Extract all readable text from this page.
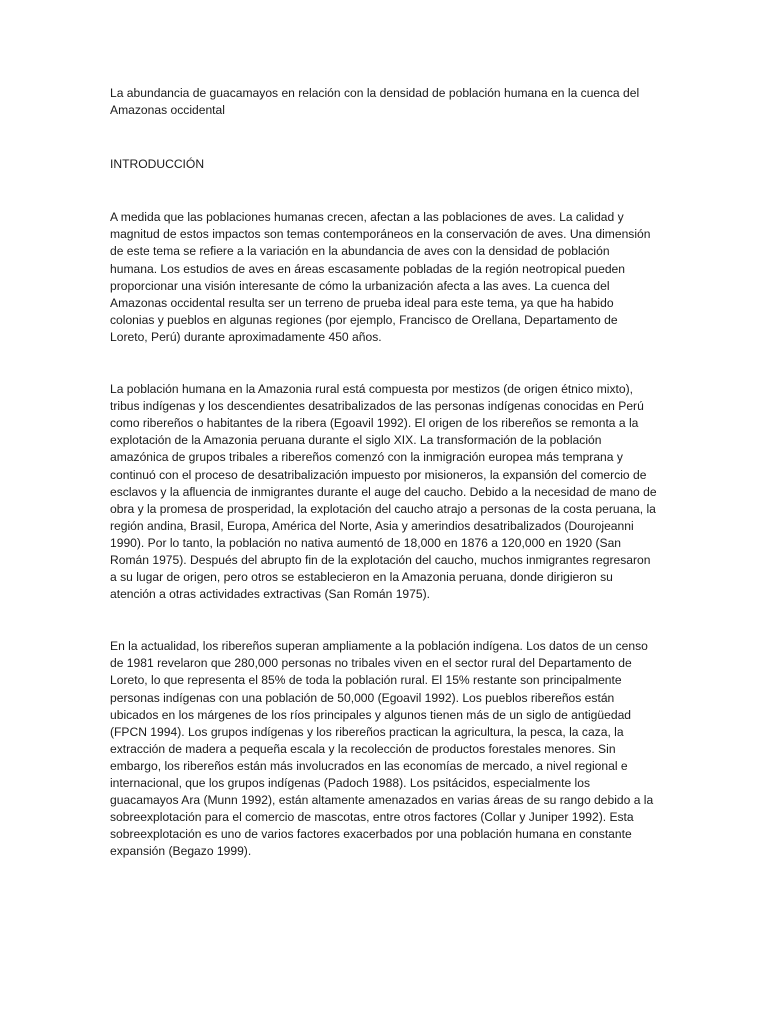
La abundancia de guacamayos en relación con la densidad de población humana en la cuenca del Amazonas occidental

INTRODUCCIÓN

A medida que las poblaciones humanas crecen, afectan a las poblaciones de aves. La calidad y magnitud de estos impactos son temas contemporáneos en la conservación de aves. Una dimensión de este tema se refiere a la variación en la abundancia de aves con la densidad de población humana. Los estudios de aves en áreas escasamente pobladas de la región neotropical pueden proporcionar una visión interesante de cómo la urbanización afecta a las aves. La cuenca del Amazonas occidental resulta ser un terreno de prueba ideal para este tema, ya que ha habido colonias y pueblos en algunas regiones (por ejemplo, Francisco de Orellana, Departamento de Loreto, Perú) durante aproximadamente 450 años.

La población humana en la Amazonia rural está compuesta por mestizos (de origen étnico mixto), tribus indígenas y los descendientes desatribalizados de las personas indígenas conocidas en Perú como ribereños o habitantes de la ribera (Egoavil 1992). El origen de los ribereños se remonta a la explotación de la Amazonia peruana durante el siglo XIX. La transformación de la población amazónica de grupos tribales a ribereños comenzó con la inmigración europea más temprana y continuó con el proceso de desatribalización impuesto por misioneros, la expansión del comercio de esclavos y la afluencia de inmigrantes durante el auge del caucho. Debido a la necesidad de mano de obra y la promesa de prosperidad, la explotación del caucho atrajo a personas de la costa peruana, la región andina, Brasil, Europa, América del Norte, Asia y amerindios desatribalizados (Dourojeanni 1990). Por lo tanto, la población no nativa aumentó de 18,000 en 1876 a 120,000 en 1920 (San Román 1975). Después del abrupto fin de la explotación del caucho, muchos inmigrantes regresaron a su lugar de origen, pero otros se establecieron en la Amazonia peruana, donde dirigieron su atención a otras actividades extractivas (San Román 1975).

En la actualidad, los ribereños superan ampliamente a la población indígena. Los datos de un censo de 1981 revelaron que 280,000 personas no tribales viven en el sector rural del Departamento de Loreto, lo que representa el 85% de toda la población rural. El 15% restante son principalmente personas indígenas con una población de 50,000 (Egoavil 1992). Los pueblos ribereños están ubicados en los márgenes de los ríos principales y algunos tienen más de un siglo de antigüedad (FPCN 1994). Los grupos indígenas y los ribereños practican la agricultura, la pesca, la caza, la extracción de madera a pequeña escala y la recolección de productos forestales menores. Sin embargo, los ribereños están más involucrados en las economías de mercado, a nivel regional e internacional, que los grupos indígenas (Padoch 1988). Los psitácidos, especialmente los guacamayos Ara (Munn 1992), están altamente amenazados en varias áreas de su rango debido a la sobreexplotación para el comercio de mascotas, entre otros factores (Collar y Juniper 1992). Esta sobreexplotación es uno de varios factores exacerbados por una población humana en constante expansión (Begazo 1999).
